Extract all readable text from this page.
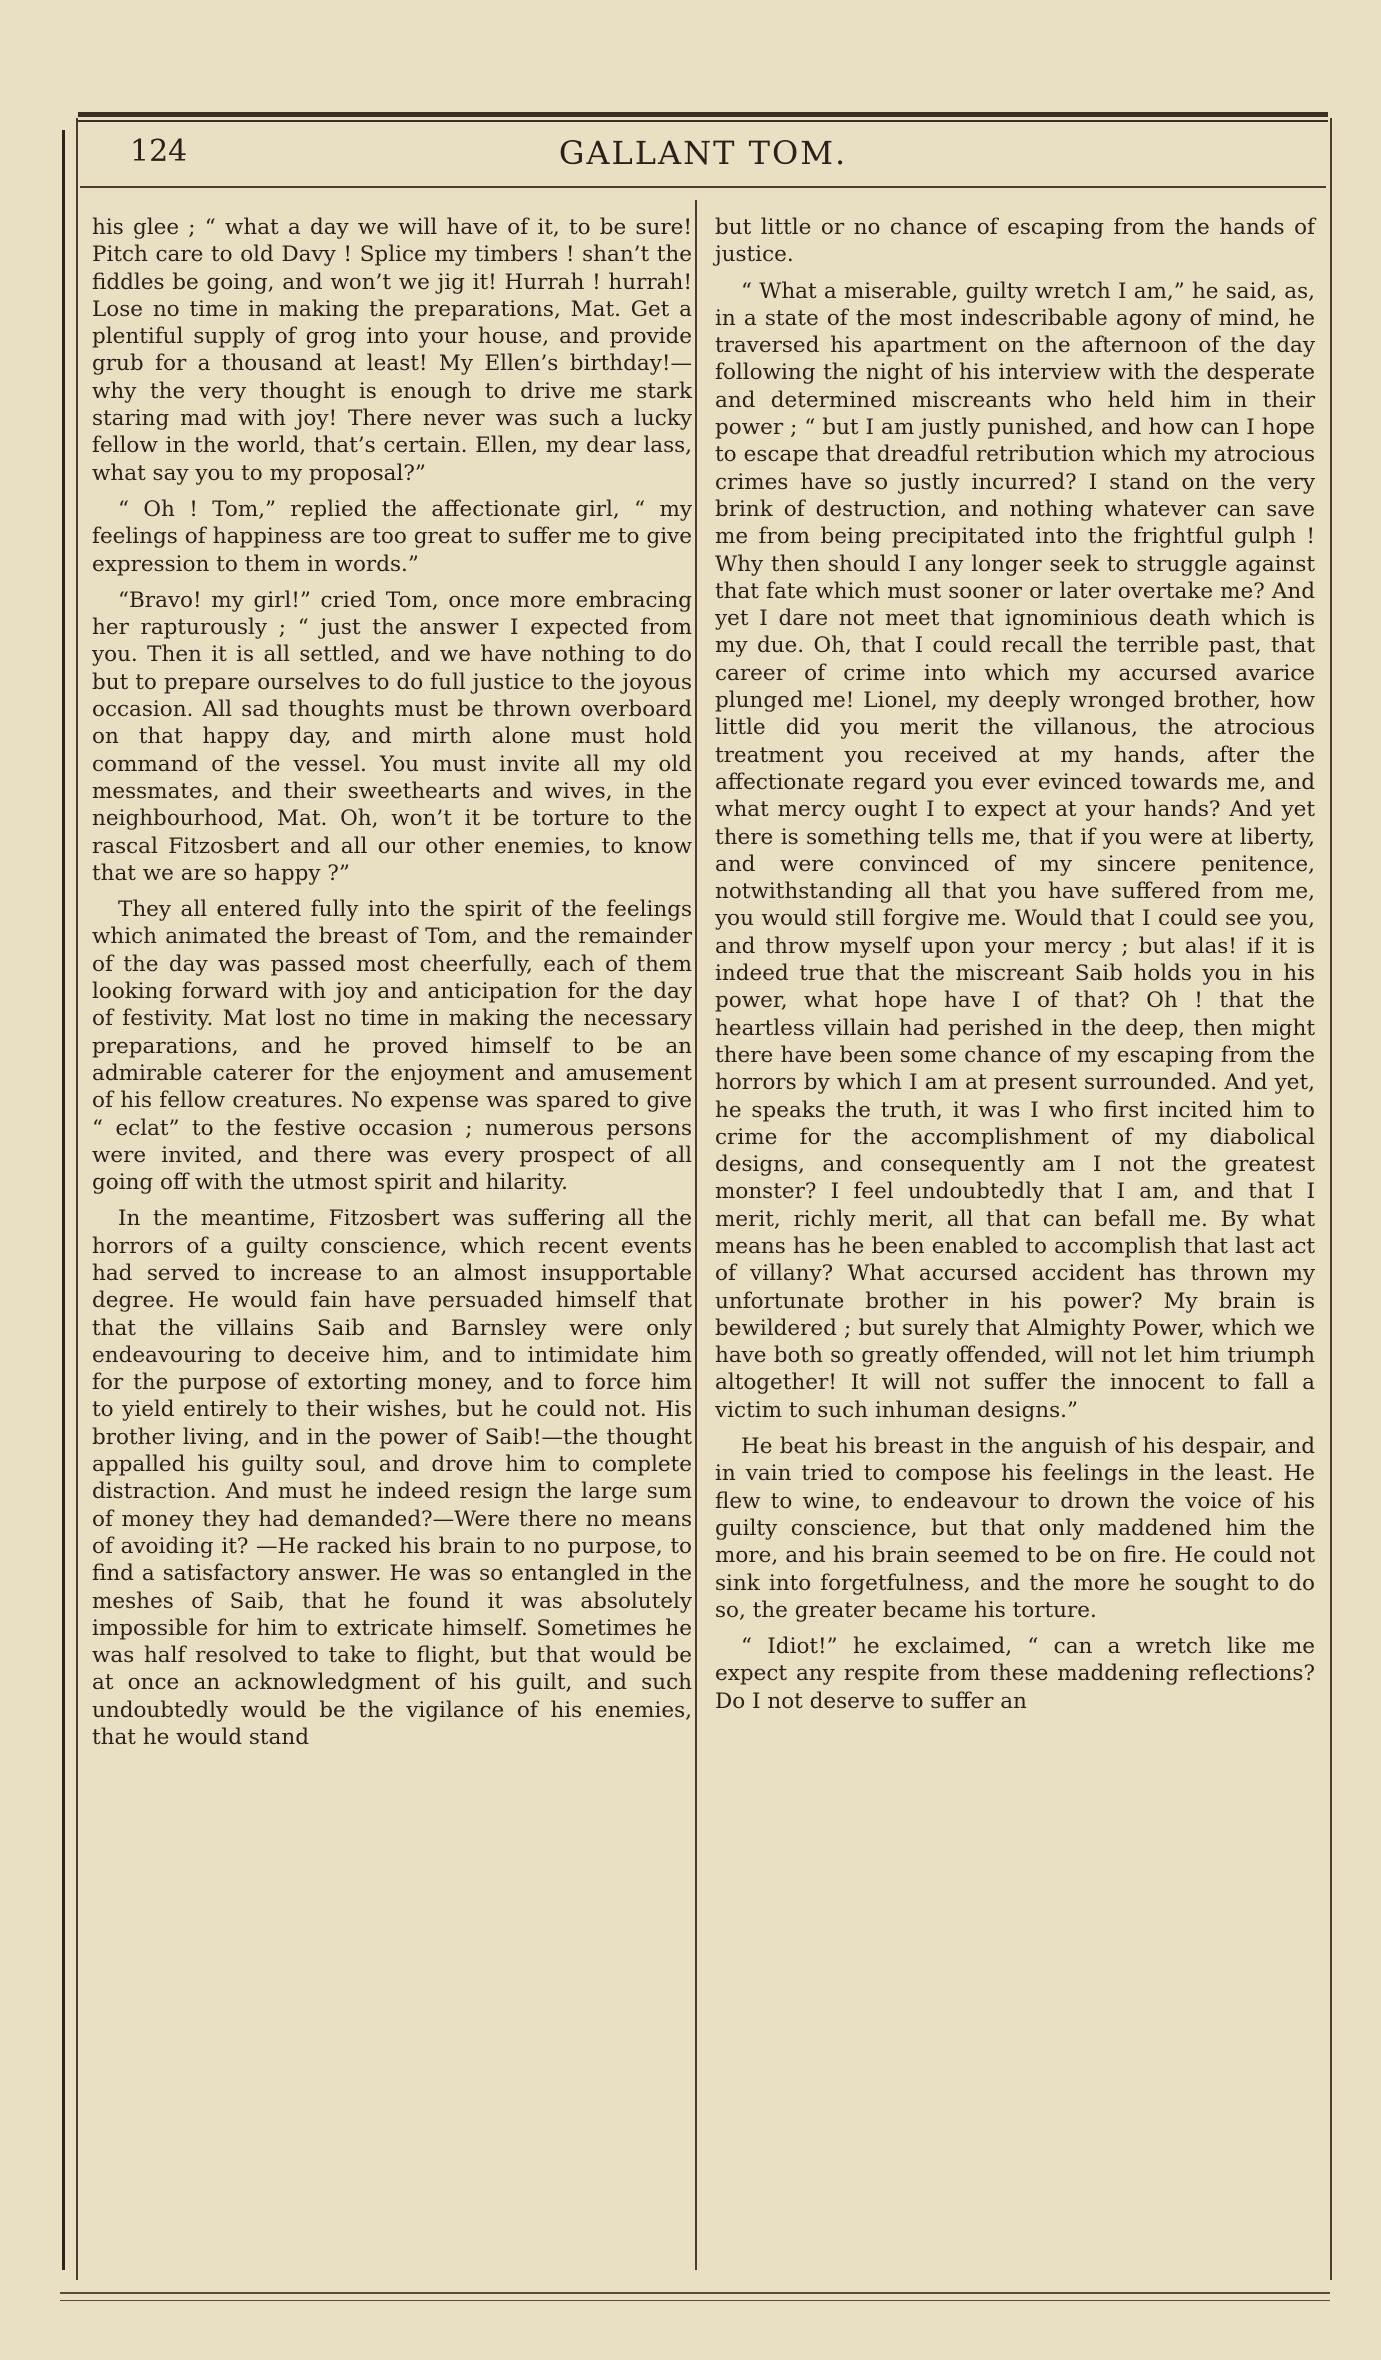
124	GALLANT TOM.

his glee ; “ what a day we will have of it, to be sure! Pitch care to old Davy ! Splice my timbers ! shan’t the fiddles be going, and won’t we jig it! Hurrah ! hurrah! Lose no time in making the preparations, Mat. Get a plentiful supply of grog into your house, and provide grub for a thousand at least! My Ellen’s birthday!—why the very thought is enough to drive me stark staring mad with joy! There never was such a lucky fellow in the world, that’s certain. Ellen, my dear lass, what say you to my proposal?”

“ Oh ! Tom,” replied the affectionate girl, “ my feelings of happiness are too great to suffer me to give expression to them in words.”

“Bravo! my girl!” cried Tom, once more embracing her rapturously ; “ just the answer I expected from you. Then it is all settled, and we have nothing to do but to prepare ourselves to do full justice to the joyous occasion. All sad thoughts must be thrown overboard on that happy day, and mirth alone must hold command of the vessel. You must invite all my old messmates, and their sweethearts and wives, in the neighbourhood, Mat. Oh, won’t it be torture to the rascal Fitzosbert and all our other enemies, to know that we are so happy ?”

They all entered fully into the spirit of the feelings which animated the breast of Tom, and the remainder of the day was passed most cheerfully, each of them looking forward with joy and anticipation for the day of festivity. Mat lost no time in making the necessary preparations, and he proved himself to be an admirable caterer for the enjoyment and amusement of his fellow creatures. No expense was spared to give “ eclat” to the festive occasion ; numerous persons were invited, and there was every prospect of all going off with the utmost spirit and hilarity.

In the meantime, Fitzosbert was suffering all the horrors of a guilty conscience, which recent events had served to increase to an almost insupportable degree. He would fain have persuaded himself that that the villains Saib and Barnsley were only endeavouring to deceive him, and to intimidate him for the purpose of extorting money, and to force him to yield entirely to their wishes, but he could not. His brother living, and in the power of Saib!—the thought appalled his guilty soul, and drove him to complete distraction. And must he indeed resign the large sum of money they had demanded?—Were there no means of avoiding it? —He racked his brain to no purpose, to find a satisfactory answer. He was so entangled in the meshes of Saib, that he found it was absolutely impossible for him to extricate himself. Sometimes he was half resolved to take to flight, but that would be at once an acknowledgment of his guilt, and such undoubtedly would be the vigilance of his enemies, that he would stand

but little or no chance of escaping from the hands of justice.

“ What a miserable, guilty wretch I am,” he said, as, in a state of the most indescribable agony of mind, he traversed his apartment on the afternoon of the day following the night of his interview with the desperate and determined miscreants who held him in their power ; “ but I am justly punished, and how can I hope to escape that dreadful retribution which my atrocious crimes have so justly incurred? I stand on the very brink of destruction, and nothing whatever can save me from being precipitated into the frightful gulph ! Why then should I any longer seek to struggle against that fate which must sooner or later overtake me? And yet I dare not meet that ignominious death which is my due. Oh, that I could recall the terrible past, that career of crime into which my accursed avarice plunged me! Lionel, my deeply wronged brother, how little did you merit the villanous, the atrocious treatment you received at my hands, after the affectionate regard you ever evinced towards me, and what mercy ought I to expect at your hands? And yet there is something tells me, that if you were at liberty, and were convinced of my sincere penitence, notwithstanding all that you have suffered from me, you would still forgive me. Would that I could see you, and throw myself upon your mercy ; but alas! if it is indeed true that the miscreant Saib holds you in his power, what hope have I of that? Oh ! that the heartless villain had perished in the deep, then might there have been some chance of my escaping from the horrors by which I am at present surrounded. And yet, he speaks the truth, it was I who first incited him to crime for the accomplishment of my diabolical designs, and consequently am I not the greatest monster? I feel undoubtedly that I am, and that I merit, richly merit, all that can befall me. By what means has he been enabled to accomplish that last act of villany? What accursed accident has thrown my unfortunate brother in his power? My brain is bewildered ; but surely that Almighty Power, which we have both so greatly offended, will not let him triumph altogether! It will not suffer the innocent to fall a victim to such inhuman designs.”

He beat his breast in the anguish of his despair, and in vain tried to compose his feelings in the least. He flew to wine, to endeavour to drown the voice of his guilty conscience, but that only maddened him the more, and his brain seemed to be on fire. He could not sink into forgetfulness, and the more he sought to do so, the greater became his torture.

“ Idiot!” he exclaimed, “ can a wretch like me expect any respite from these maddening reflections? Do I not deserve to suffer an
